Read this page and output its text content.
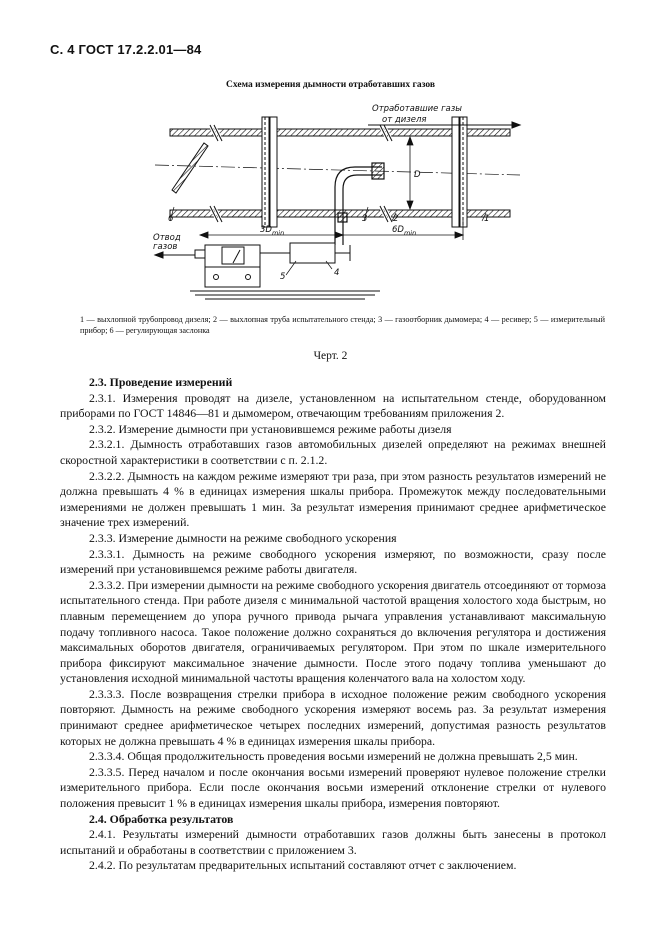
С. 4 ГОСТ 17.2.2.01—84
Схема измерения дымности отработавших газов
D
$3D_{min}$	$6D_{min}$
Отвод
газов
Отработавшие газы
от дизеля
1
2
3
4
5
6
1 — выхлопной трубопровод дизеля; 2 — выхлопная труба испытательного стенда; 3 — газоотборник дымомера; 4 — ресивер; 5 — измерительный прибор; 6 — регулирующая заслонка
Черт. 2

2.3. Проведение измерений

2.3.1. Измерения проводят на дизеле, установленном на испытательном стенде, оборудованном приборами по ГОСТ 14846—81 и дымомером, отвечающим требованиям приложения 2.

2.3.2. Измерение дымности при установившемся режиме работы дизеля

2.3.2.1. Дымность отработавших газов автомобильных дизелей определяют на режимах внешней скоростной характеристики в соответствии с п. 2.1.2.

2.3.2.2. Дымность на каждом режиме измеряют три раза, при этом разность результатов измерений не должна превышать 4 % в единицах измерения шкалы прибора. Промежуток между последовательными измерениями не должен превышать 1 мин. За результат измерения принимают среднее арифметическое значение трех измерений.

2.3.3. Измерение дымности на режиме свободного ускорения

2.3.3.1. Дымность на режиме свободного ускорения измеряют, по возможности, сразу после измерений при установившемся режиме работы двигателя.

2.3.3.2. При измерении дымности на режиме свободного ускорения двигатель отсоединяют от тормоза испытательного стенда. При работе дизеля с минимальной частотой вращения холостого хода быстрым, но плавным перемещением до упора ручного привода рычага управления устанавливают максимальную подачу топливного насоса. Такое положение должно сохраняться до включения регулятора и достижения максимальных оборотов двигателя, ограничиваемых регулятором. При этом по шкале измерительного прибора фиксируют максимальное значение дымности. После этого подачу топлива уменьшают до установления исходной минимальной частоты вращения коленчатого вала на холостом ходу.

2.3.3.3. После возвращения стрелки прибора в исходное положение режим свободного ускорения повторяют. Дымность на режиме свободного ускорения измеряют восемь раз. За результат измерения принимают среднее арифметическое четырех последних измерений, допустимая разность результатов которых не должна превышать 4 % в единицах измерения шкалы прибора.

2.3.3.4. Общая продолжительность проведения восьми измерений не должна превышать 2,5 мин.

2.3.3.5. Перед началом и после окончания восьми измерений проверяют нулевое положение стрелки измерительного прибора. Если после окончания восьми измерений отклонение стрелки от нулевого положения превысит 1 % в единицах измерения шкалы прибора, измерения повторяют.

2.4. Обработка результатов

2.4.1. Результаты измерений дымности отработавших газов должны быть занесены в протокол испытаний и обработаны в соответствии с приложением 3.

2.4.2. По результатам предварительных испытаний составляют отчет с заключением.
